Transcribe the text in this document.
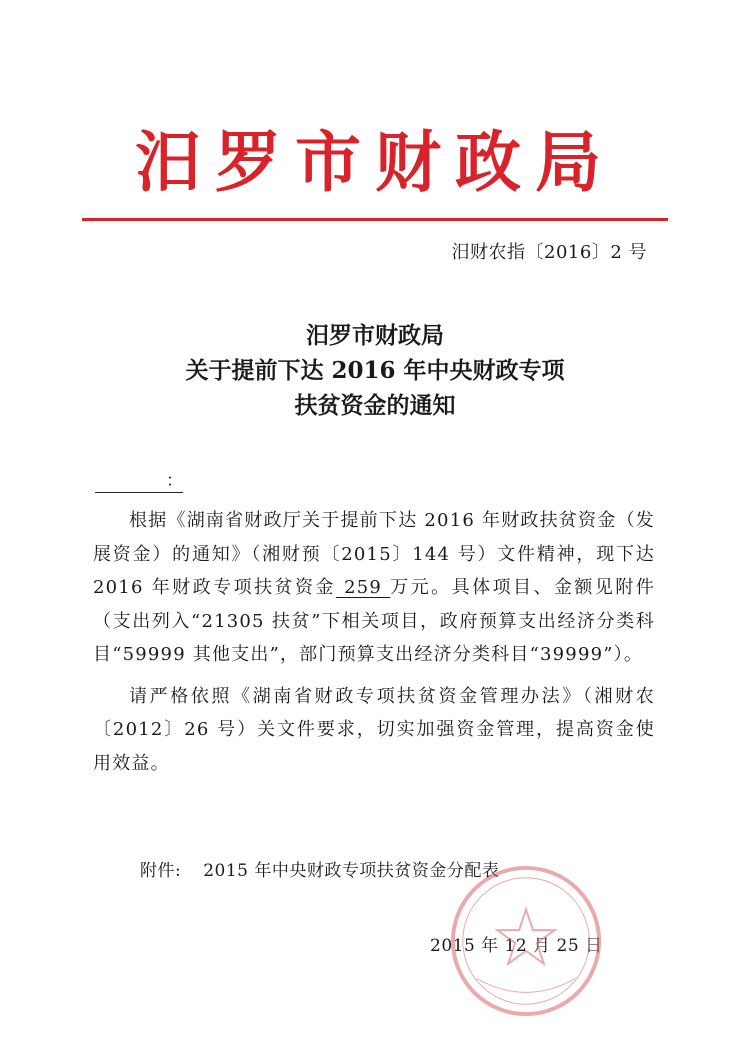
汨罗市财政局
汨财农指〔2016〕2 号
汨罗市财政局
关于提前下达 2016 年中央财政专项
扶贫资金的通知
：

根据《湖南省财政厅关于提前下达 2016 年财政扶贫资金（发展资金）的通知》（湘财预〔2015〕144 号）文件精神，现下达 2016 年财政专项扶贫资金 259 万元。具体项目、金额见附件（支出列入“21305 扶贫”下相关项目，政府预算支出经济分类科目“59999 其他支出”，部门预算支出经济分类科目“39999”）。

请严格依照《湖南省财政专项扶贫资金管理办法》（湘财农〔2012〕26 号）关文件要求，切实加强资金管理，提高资金使用效益。

附件: 2015 年中央财政专项扶贫资金分配表
2015 年 12 月 25 日
